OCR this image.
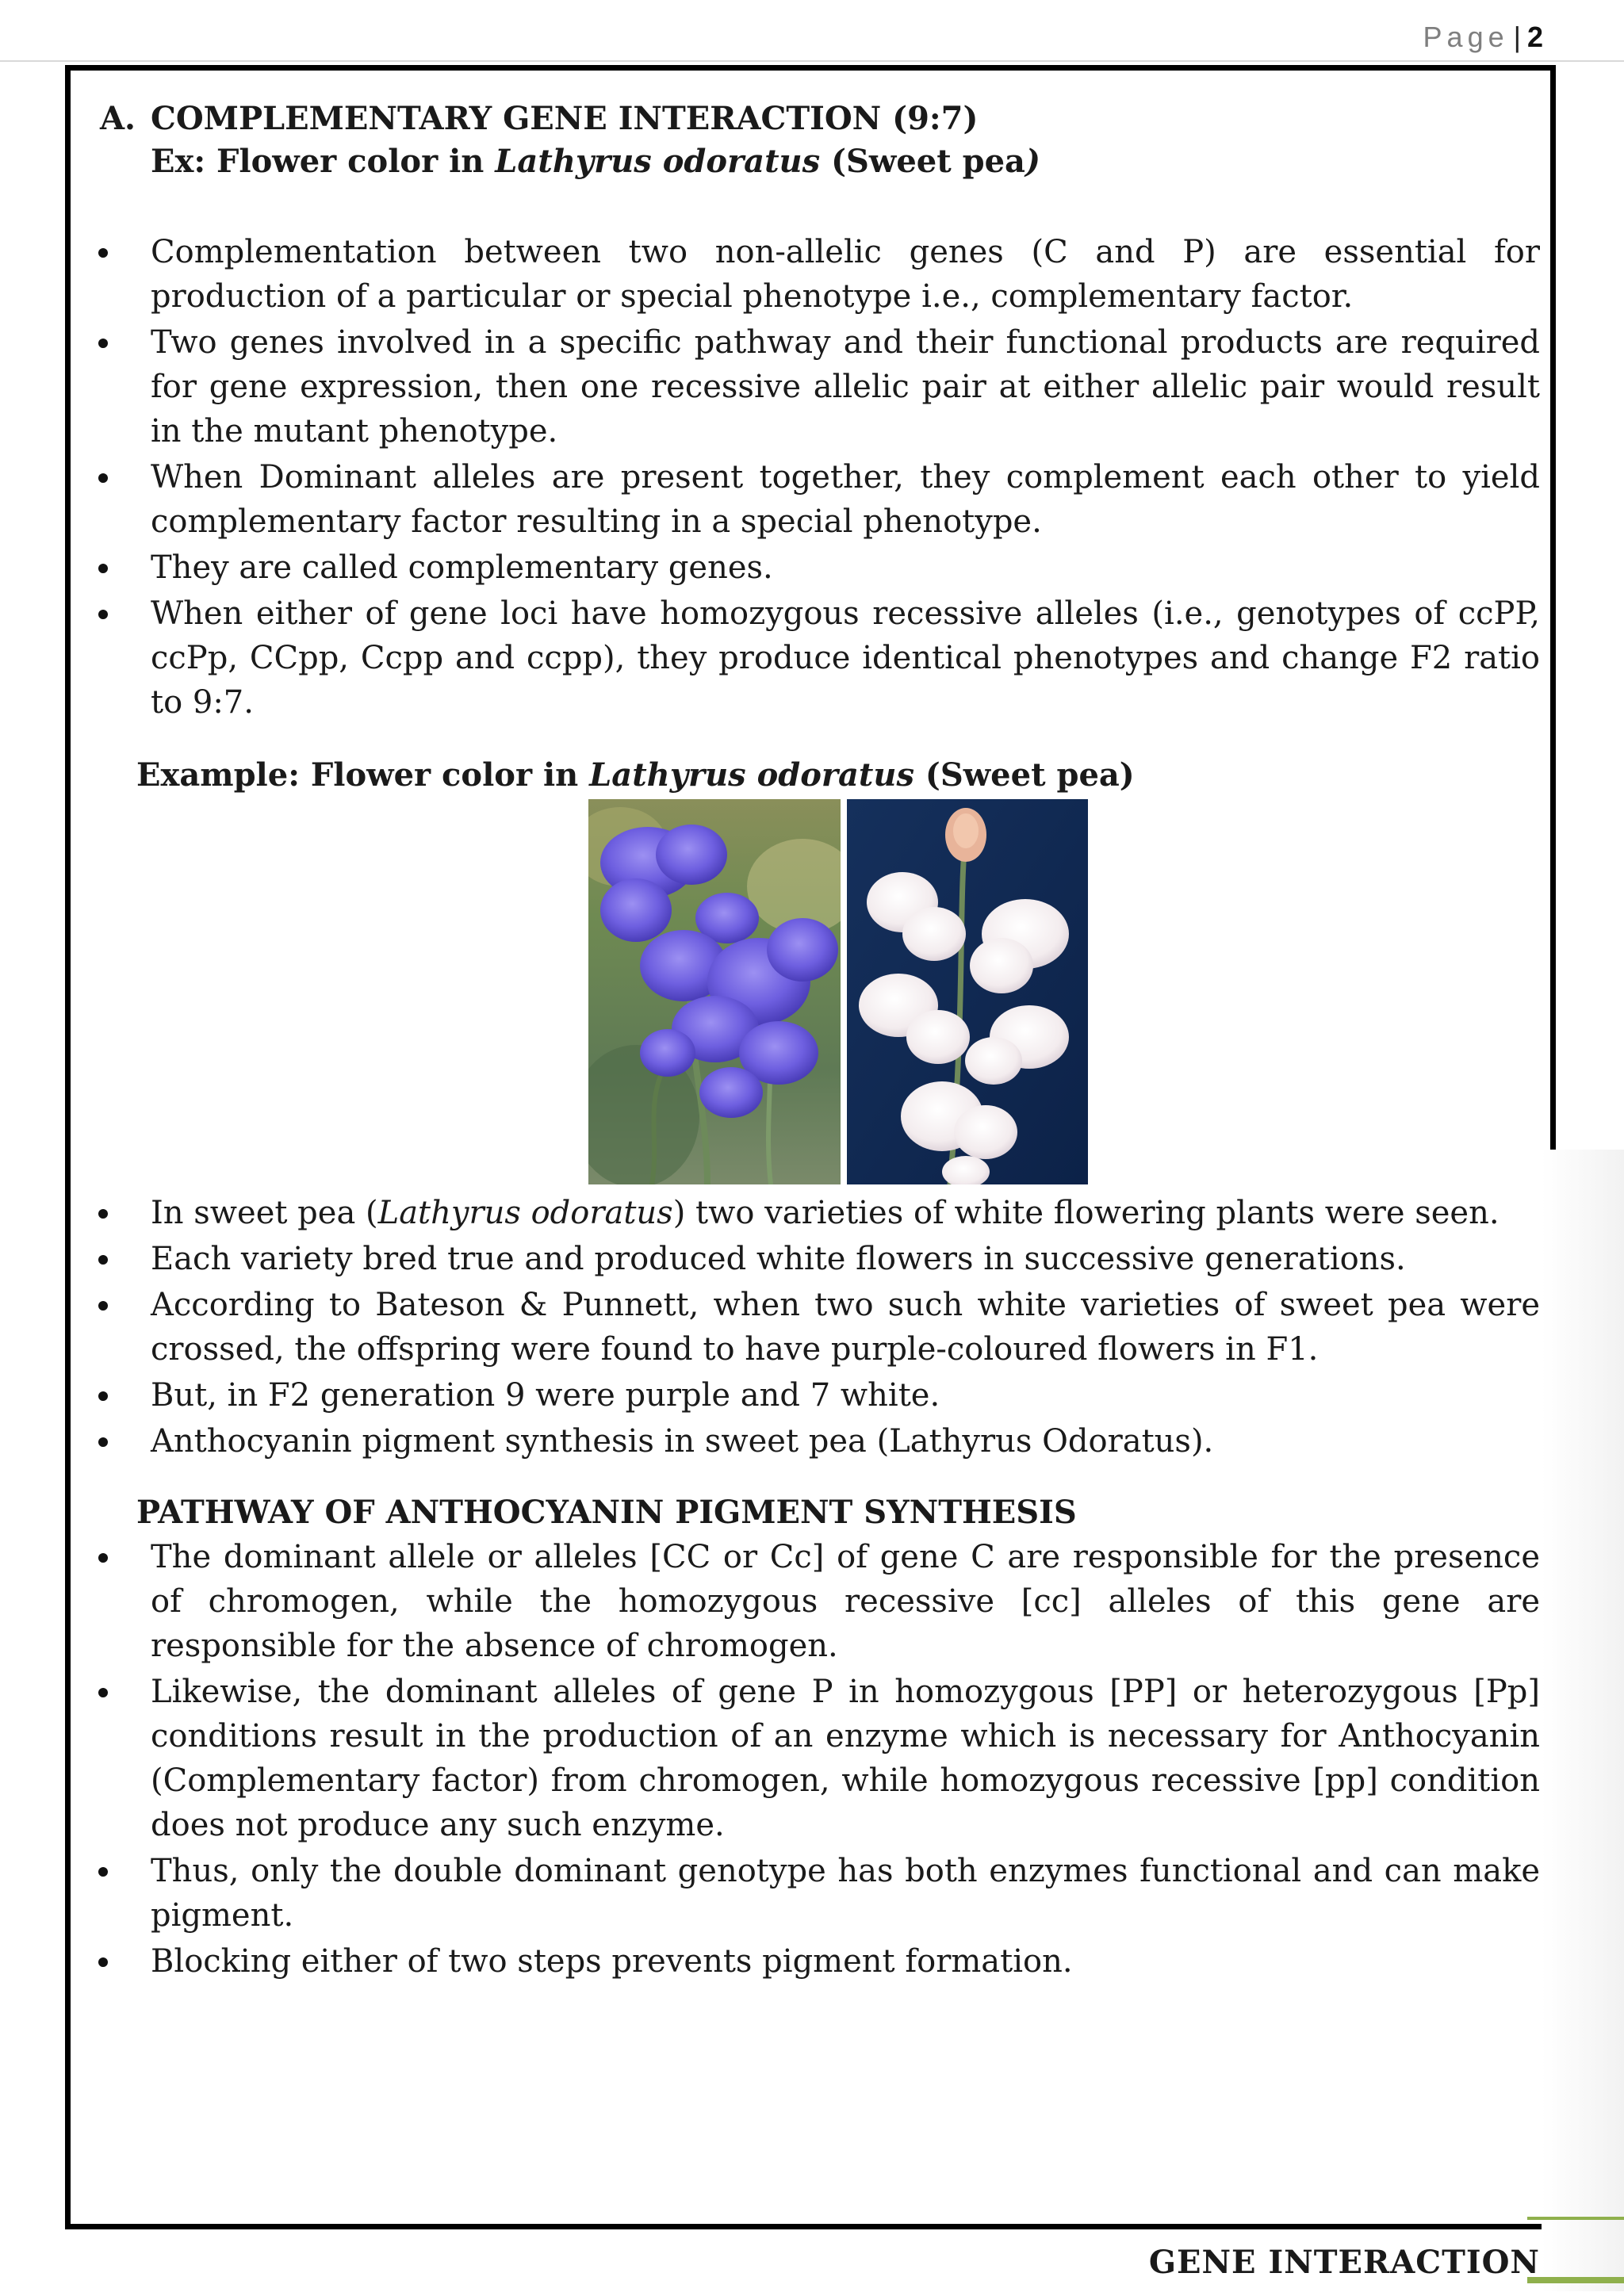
Page | 2
A. COMPLEMENTARY GENE INTERACTION (9:7)
Ex: Flower color in Lathyrus odoratus (Sweet pea)
Complementation between two non-allelic genes (C and P) are essential for production of a particular or special phenotype i.e., complementary factor.
Two genes involved in a specific pathway and their functional products are required for gene expression, then one recessive allelic pair at either allelic pair would result in the mutant phenotype.
When Dominant alleles are present together, they complement each other to yield complementary factor resulting in a special phenotype.
They are called complementary genes.
When either of gene loci have homozygous recessive alleles (i.e., genotypes of ccPP, ccPp, CCpp, Ccpp and ccpp), they produce identical phenotypes and change F2 ratio to 9:7.
Example: Flower color in Lathyrus odoratus (Sweet pea)
In sweet pea (Lathyrus odoratus) two varieties of white flowering plants were seen.
Each variety bred true and produced white flowers in successive generations.
According to Bateson & Punnett, when two such white varieties of sweet pea were crossed, the offspring were found to have purple-coloured flowers in F1.
But, in F2 generation 9 were purple and 7 white.
Anthocyanin pigment synthesis in sweet pea (Lathyrus Odoratus).
PATHWAY OF ANTHOCYANIN PIGMENT SYNTHESIS
The dominant allele or alleles [CC or Cc] of gene C are responsible for the presence of chromogen, while the homozygous recessive [cc] alleles of this gene are responsible for the absence of chromogen.
Likewise, the dominant alleles of gene P in homozygous [PP] or heterozygous [Pp] conditions result in the production of an enzyme which is necessary for Anthocyanin (Complementary factor) from chromogen, while homozygous recessive [pp] condition does not produce any such enzyme.
Thus, only the double dominant genotype has both enzymes functional and can make pigment.
Blocking either of two steps prevents pigment formation.
GENE INTERACTION
